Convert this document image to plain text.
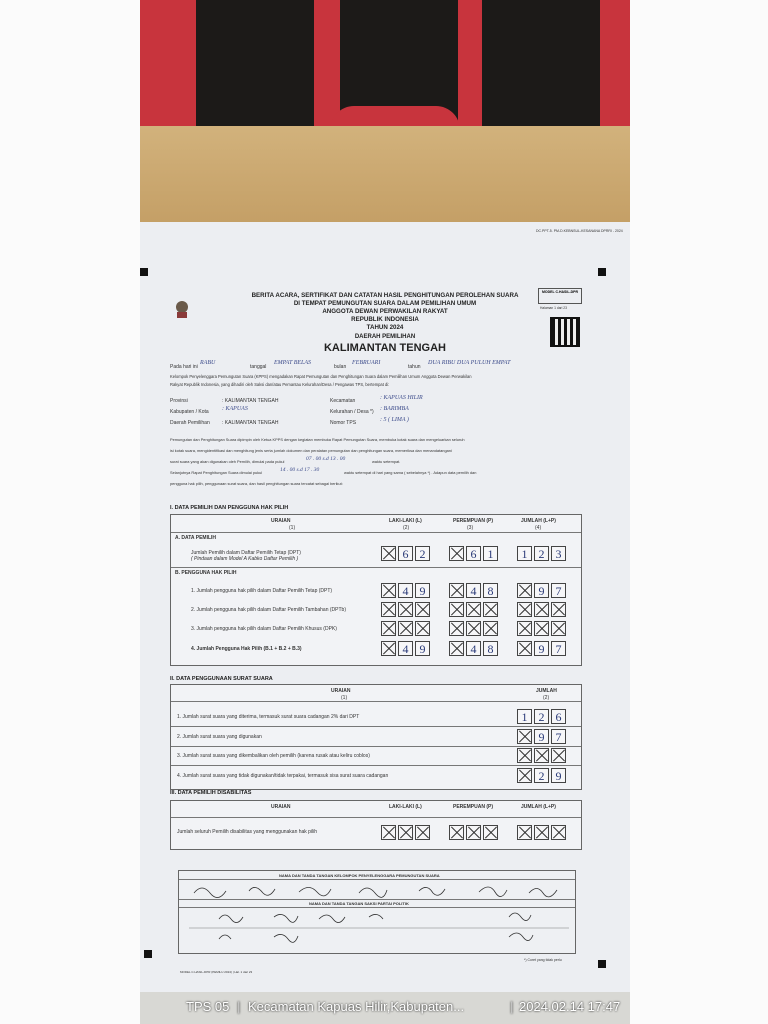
DC.PPT-5. PM-D.KEBNSUL-KESANANA DPRRI - 2024
MODEL C.HASIL-DPR
Halaman 1 dari 23
BERITA ACARA, SERTIFIKAT DAN CATATAN HASIL PENGHITUNGAN PEROLEHAN SUARA
DI TEMPAT PEMUNGUTAN SUARA DALAM PEMILIHAN UMUM
ANGGOTA DEWAN PERWAKILAN RAKYAT
REPUBLIK INDONESIA
TAHUN 2024
DAERAH PEMILIHAN
KALIMANTAN TENGAH
Pada hari ini
RABU
tanggal
EMPAT BELAS
bulan
FEBRUARI
tahun
DUA RIBU DUA PULUH EMPAT
Kelompok Penyelenggara Pemungutan Suara (KPPS) mengadakan Rapat Pemungutan dan Penghitungan Suara dalam Pemilihan Umum Anggota Dewan Perwakilan
Rakyat Republik Indonesia, yang dihadiri oleh Saksi dan/atau Pemantau Kelurahan/Desa / Pengawas TPS, bertempat di:
Provinsi	: KALIMANTAN TENGAH
Kabupaten / Kota : KAPUAS
Daerah Pemilihan : KALIMANTAN TENGAH
Kecamatan	: KAPUAS HILIR
Kelurahan / Desa *) : BARIMBA
Nomor TPS	: 5 ( LIMA )
Pemungutan dan Penghitungan Suara dipimpin oleh Ketua KPPS dengan kegiatan membuka Rapat Pemungutan Suara, membuka kotak suara dan mengeluarkan seluruh
isi kotak suara, mengidentifikasi dan menghitung jenis serta jumlah dokumen dan peralatan pemungutan dan penghitungan suara, memeriksa dan menandatangani
surat suara yang akan digunakan oleh Pemilih, dimulai pada pukul	07 . 00 s.d 13 . 00	waktu setempat.
Selanjutnya Rapat Penghitungan Suara dimulai pukul	14 . 00 s.d 17 . 30	waktu setempat di hari yang sama ( sebelahnya *) . Adapun data pemilih dan
pengguna hak pilih, penggunaan surat suara, dan hasil penghitungan suara tercatat sebagai berikut:
I. DATA PEMILIH DAN PENGGUNA HAK PILIH
URAIAN
(1)
LAKI-LAKI (L)
(2)
PEREMPUAN (P)
(3)
JUMLAH (L+P)
(4)
A. DATA PEMILIH
Jumlah Pemilih dalam Daftar Pemilih Tetap (DPT)
( Pindaan dalam Model A Kabko Daftar Pemilih )	6 2	6 1	1 2 3
B. PENGGUNA HAK PILIH
1. Jumlah pengguna hak pilih dalam Daftar Pemilih Tetap (DPT)	4 9	4 8	9 7
2. Jumlah pengguna hak pilih dalam Daftar Pemilih Tambahan (DPTb)
3. Jumlah pengguna hak pilih dalam Daftar Pemilih Khusus (DPK)
4. Jumlah Pengguna Hak Pilih (B.1 + B.2 + B.3)	4 9	4 8	9 7
II. DATA PENGGUNAAN SURAT SUARA
URAIAN
(1)
JUMLAH
(2)
1. Jumlah surat suara yang diterima, termasuk surat suara cadangan 2% dari DPT	1 2 6
2. Jumlah surat suara yang digunakan	9 7
3. Jumlah surat suara yang dikembalikan oleh pemilih (karena rusak atau keliru coblos)
4. Jumlah surat suara yang tidak digunakan/tidak terpakai, termasuk sisa surat suara cadangan	2 9
III. DATA PEMILIH DISABILITAS
URAIAN	LAKI-LAKI (L)	PEREMPUAN (P)	JUMLAH (L+P)
Jumlah seluruh Pemilih disabilitas yang menggunakan hak pilih
NAMA DAN TANDA TANGAN KELOMPOK PENYELENGGARA PEMUNGUTAN SUARA
NAMA DAN TANDA TANGAN SAKSI PARTAI POLITIK
*) Coret yang tidak perlu
MODEL C.HASIL-DPR (PEMILU 2024) | Hal. 1 dari 23
TPS 05 | Kecamatan Kapuas Hilir,Kabupaten...	| 2024.02.14 17:47
